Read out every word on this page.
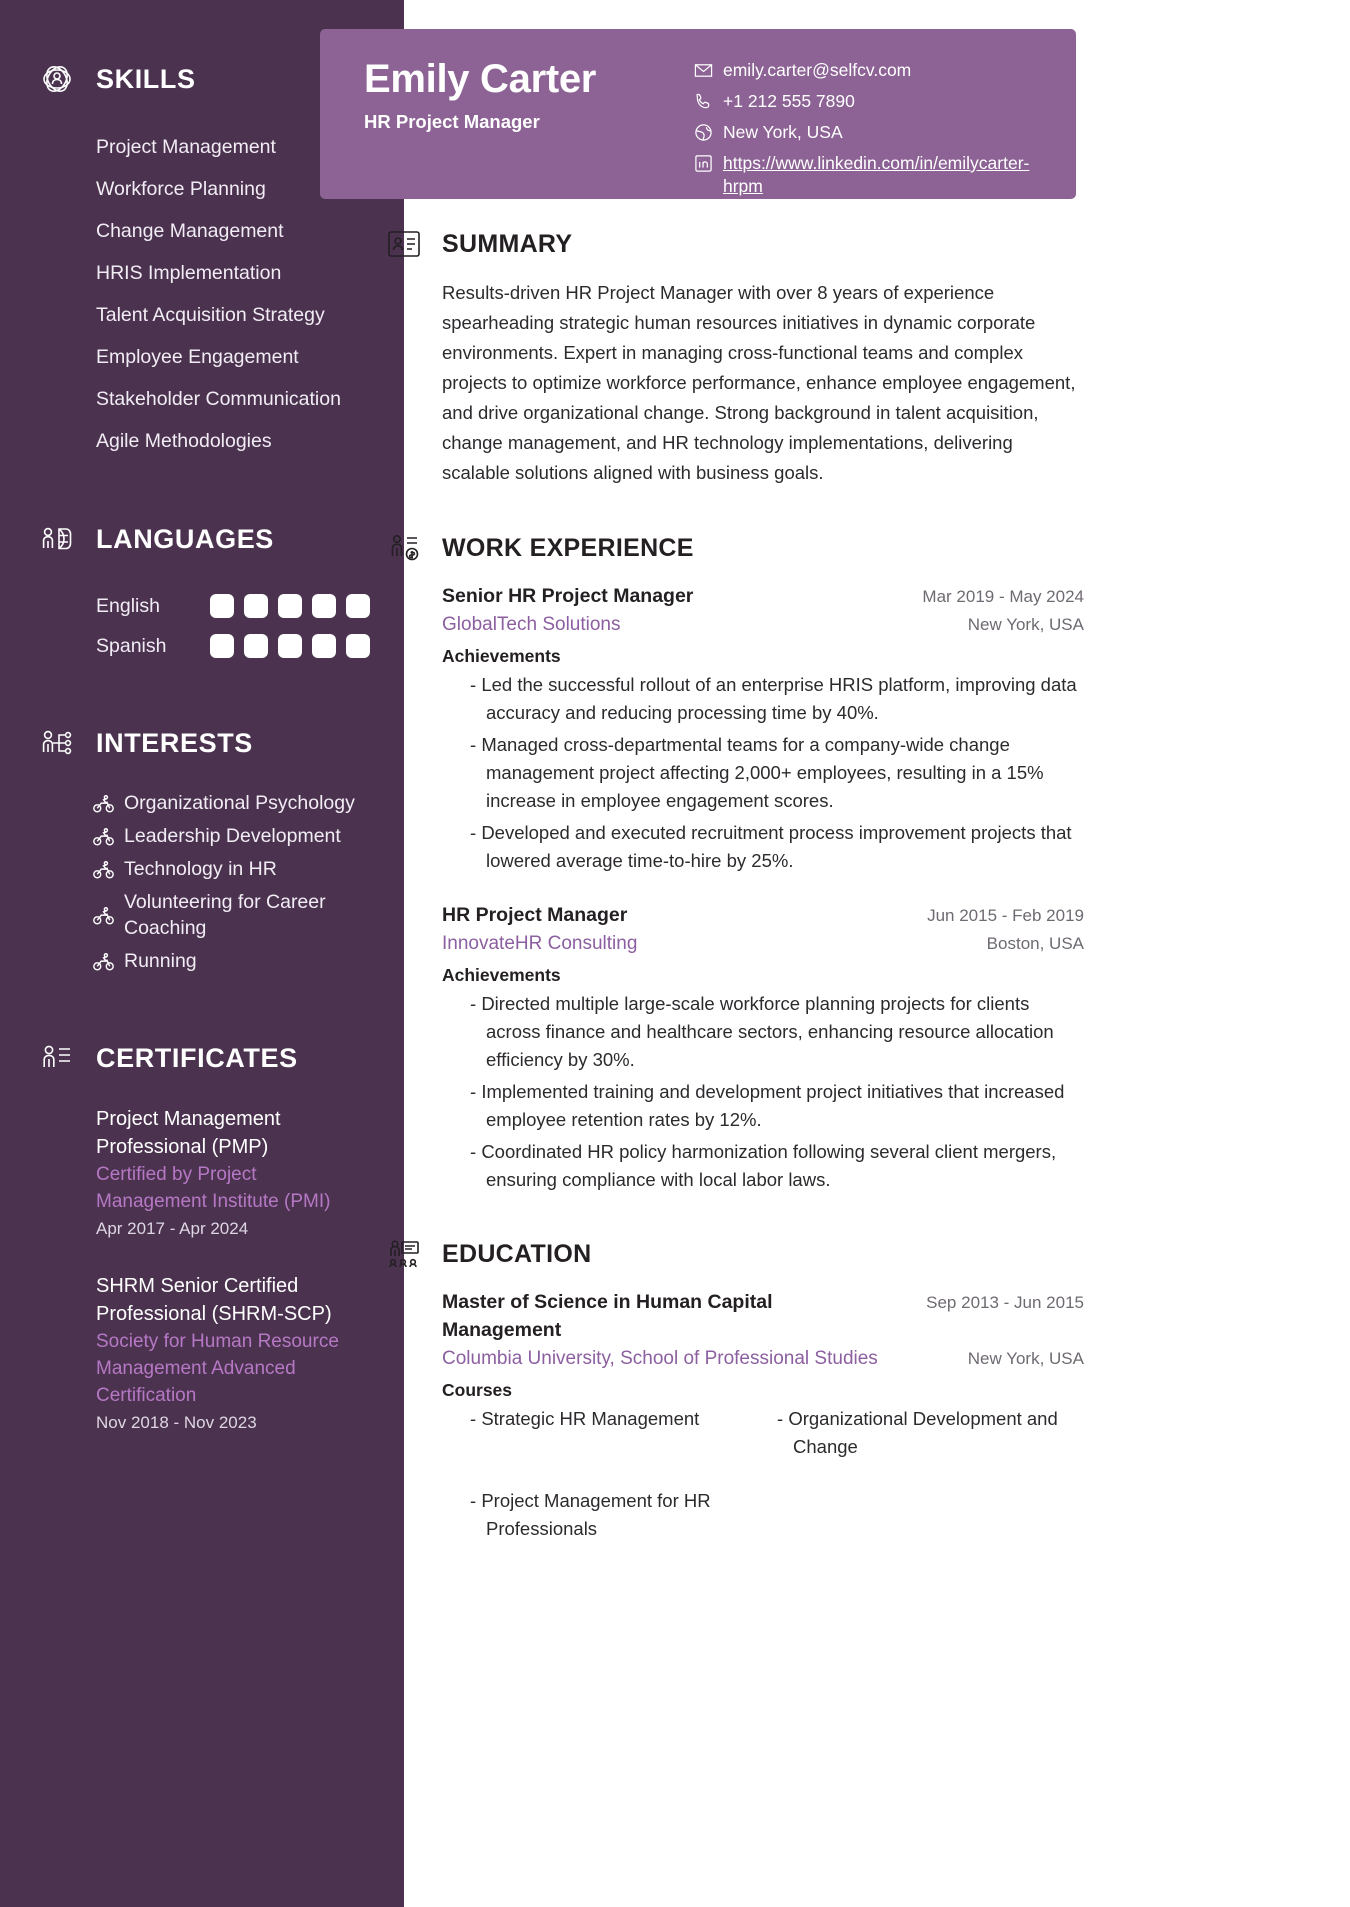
SKILLS
Project Management
Workforce Planning
Change Management
HRIS Implementation
Talent Acquisition Strategy
Employee Engagement
Stakeholder Communication
Agile Methodologies
LANGUAGES
English
Spanish
INTERESTS
Organizational Psychology
Leadership Development
Technology in HR
Volunteering for Career Coaching
Running
CERTIFICATES
Project Management Professional (PMP)
Certified by Project Management Institute (PMI)
Apr 2017 - Apr 2024
SHRM Senior Certified Professional (SHRM-SCP)
Society for Human Resource Management Advanced Certification
Nov 2018 - Nov 2023
Emily Carter
HR Project Manager
emily.carter@selfcv.com
+1 212 555 7890
New York, USA
https://www.linkedin.com/in/emilycarter-hrpm
SUMMARY

Results-driven HR Project Manager with over 8 years of experience spearheading strategic human resources initiatives in dynamic corporate environments. Expert in managing cross-functional teams and complex projects to optimize workforce performance, enhance employee engagement, and drive organizational change. Strong background in talent acquisition, change management, and HR technology implementations, delivering scalable solutions aligned with business goals.

WORK EXPERIENCE
Senior HR Project Manager	Mar 2019 - May 2024
GlobalTech Solutions	New York, USA
Achievements
- Led the successful rollout of an enterprise HRIS platform, improving data accuracy and reducing processing time by 40%.
- Managed cross-departmental teams for a company-wide change management project affecting 2,000+ employees, resulting in a 15% increase in employee engagement scores.
- Developed and executed recruitment process improvement projects that lowered average time-to-hire by 25%.
HR Project Manager	Jun 2015 - Feb 2019
InnovateHR Consulting	Boston, USA
Achievements
- Directed multiple large-scale workforce planning projects for clients across finance and healthcare sectors, enhancing resource allocation efficiency by 30%.
- Implemented training and development project initiatives that increased employee retention rates by 12%.
- Coordinated HR policy harmonization following several client mergers, ensuring compliance with local labor laws.
EDUCATION
Master of Science in Human Capital Management
Sep 2013 - Jun 2015
Columbia University, School of Professional Studies	New York, USA
Courses
- Strategic HR Management	- Organizational Development and Change
- Project Management for HR Professionals
